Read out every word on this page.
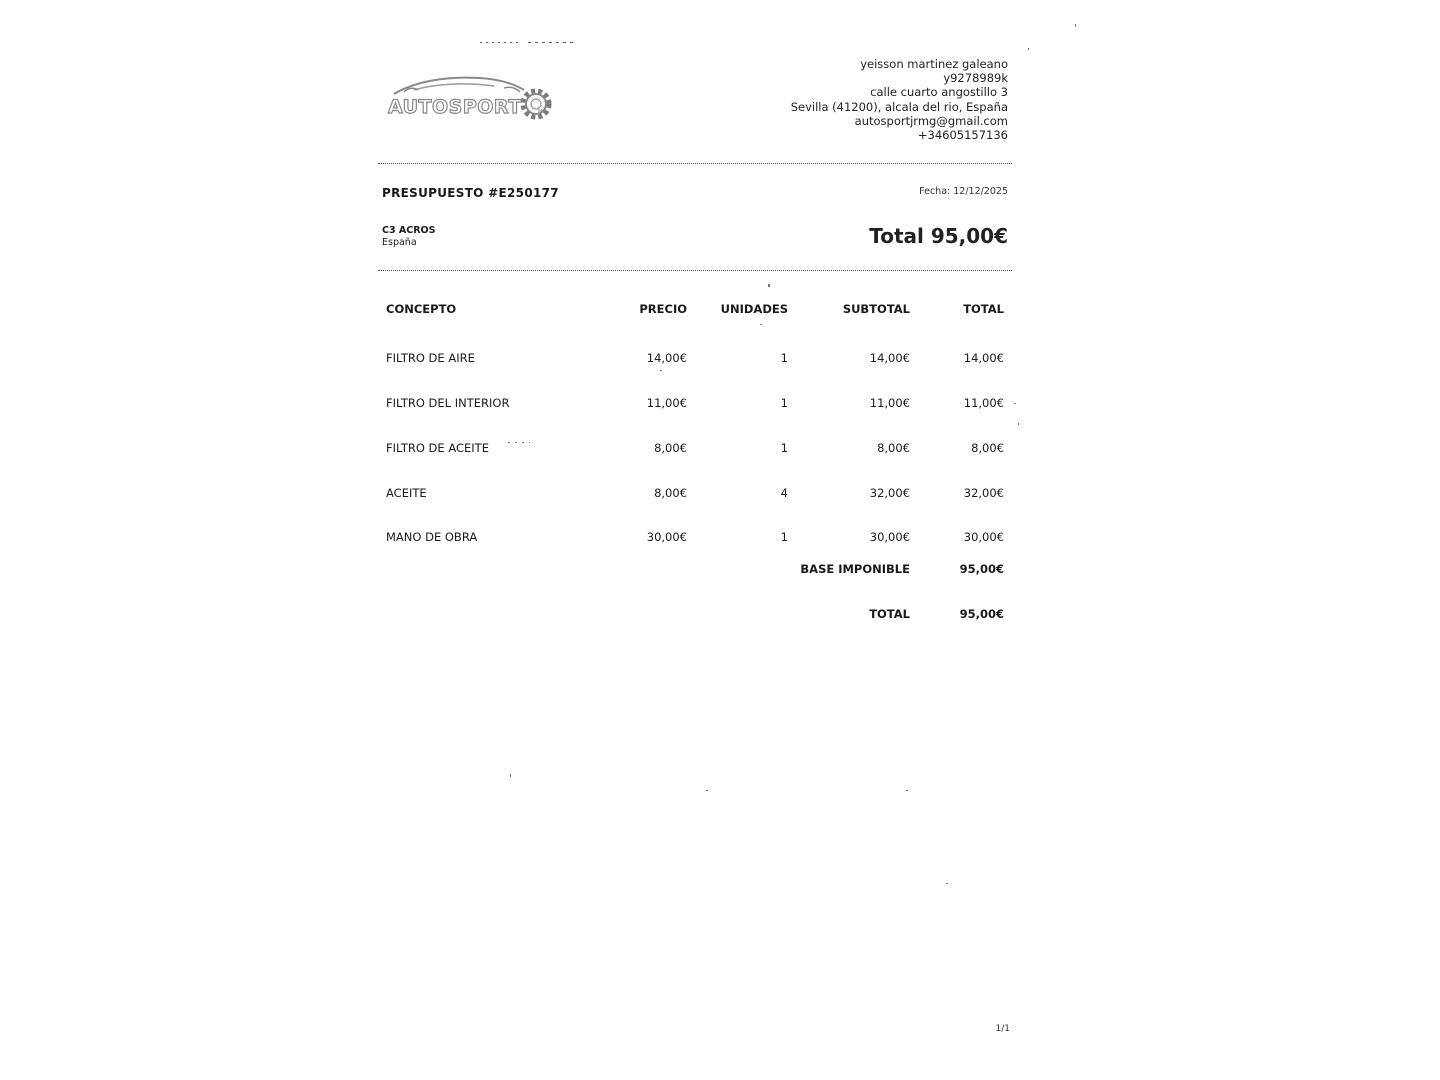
AUTOSPORT	MG
yeisson martinez galeano
y9278989k
calle cuarto angostillo 3
Sevilla (41200), alcala del rio, España
autosportjrmg@gmail.com
+34605157136
PRESUPUESTO #E250177	Fecha: 12/12/2025
C3 ACROS
España	Total 95,00€
CONCEPTO	PRECIO	UNIDADES	SUBTOTAL	TOTAL
FILTRO DE AIRE	14,00€	1	14,00€	14,00€
FILTRO DEL INTERIOR	11,00€	1	11,00€	11,00€
FILTRO DE ACEITE	8,00€	1	8,00€	8,00€
ACEITE	8,00€	4	32,00€	32,00€
MANO DE OBRA	30,00€	1	30,00€	30,00€
BASE IMPONIBLE	95,00€
TOTAL	95,00€
1/1
